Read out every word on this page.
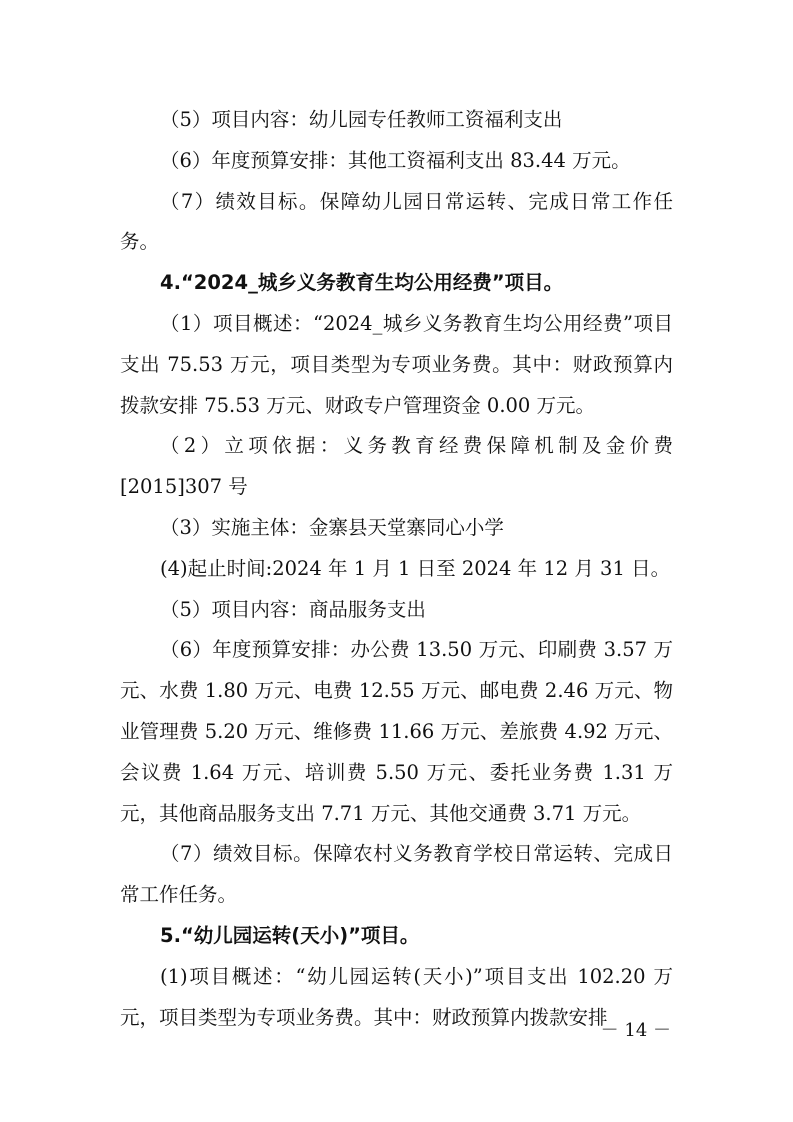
（5）项目内容：幼儿园专任教师工资福利支出

（6）年度预算安排：其他工资福利支出 83.44 万元。

（7）绩效目标。保障幼儿园日常运转、完成日常工作任务。

4.“2024_城乡义务教育生均公用经费”项目。

（1）项目概述：“2024_城乡义务教育生均公用经费”项目支出 75.53 万元，项目类型为专项业务费。其中：财政预算内拨款安排 75.53 万元、财政专户管理资金 0.00 万元。

（2）立项依据：义务教育经费保障机制及金价费[2015]307 号

（3）实施主体：金寨县天堂寨同心小学

(4)起止时间:2024 年 1 月 1 日至 2024 年 12 月 31 日。

（5）项目内容：商品服务支出

（6）年度预算安排：办公费 13.50 万元、印刷费 3.57 万元、水费 1.80 万元、电费 12.55 万元、邮电费 2.46 万元、物业管理费 5.20 万元、维修费 11.66 万元、差旅费 4.92 万元、会议费 1.64 万元、培训费 5.50 万元、委托业务费 1.31 万元，其他商品服务支出 7.71 万元、其他交通费 3.71 万元。

（7）绩效目标。保障农村义务教育学校日常运转、完成日常工作任务。

5.“幼儿园运转(天小)”项目。

(1)项目概述：“幼儿园运转(天小)”项目支出 102.20 万元，项目类型为专项业务费。其中：财政预算内拨款安排

－ 14 －
